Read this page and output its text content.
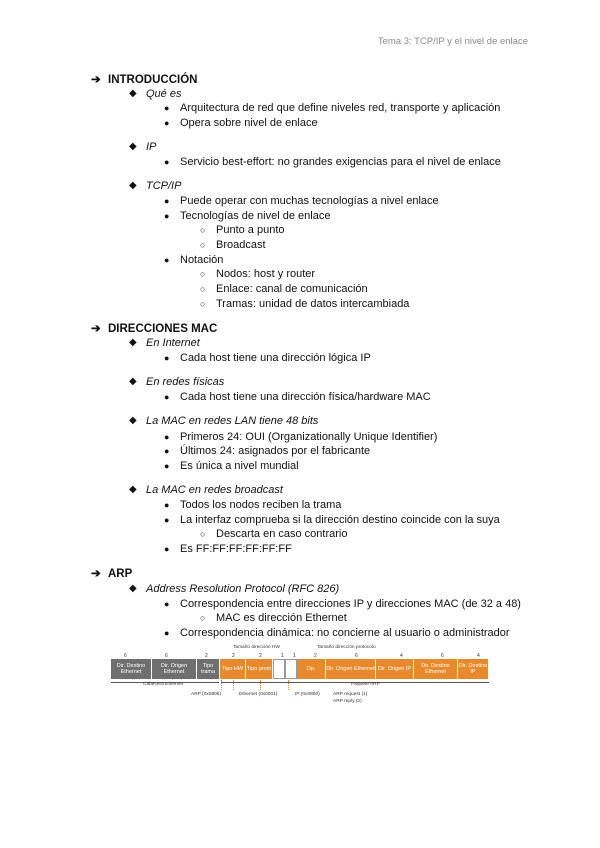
Tema 3: TCP/IP y el nivel de enlace
➔ INTRODUCCIÓN
◆ Qué es
● Arquitectura de red que define niveles red, transporte y aplicación
● Opera sobre nivel de enlace
◆ IP
● Servicio best-effort: no grandes exigencias para el nivel de enlace
◆ TCP/IP
● Puede operar con muchas tecnologías a nivel enlace
● Tecnologías de nivel de enlace
○ Punto a punto
○ Broadcast
● Notación
○ Nodos: host y router
○ Enlace: canal de comunicación
○ Tramas: unidad de datos intercambiada
➔ DIRECCIONES MAC
◆ En Internet
● Cada host tiene una dirección lógica IP
◆ En redes físicas
● Cada host tiene una dirección física/hardware MAC
◆ La MAC en redes LAN tiene 48 bits
● Primeros 24: OUI (Organizationally Unique Identifier)
● Últimos 24: asignados por el fabricante
● Es única a nivel mundial
◆ La MAC en redes broadcast
● Todos los nodos reciben la trama
● La interfaz comprueba si la dirección destino coincide con la suya
○ Descarta en caso contrario
● Es FF:FF:FF:FF:FF:FF
➔ ARP
◆ Address Resolution Protocol (RFC 826)
● Correspondencia entre direcciones IP y direcciones MAC (de 32 a 48)
○ MAC es dirección Ethernet
● Correspondencia dinámica: no concierne al usuario o administrador
Tamaño dirección HW	Tamaño dirección protocolo
6	6	2	2	2	1 1	2	6	4	6	4
Dir. Destino Ethernet
Dir. Origen Ethernet
Tipo trama	Tipo HW Tipo proto	Op.	Dir. Origen Ethernet Dir. Origen IP	Dir. Destino Ethernet
Dir. Destino IP
Cabecera Ethernet	Paquete ARP
ARP (0x0806)	Ethernet (0x0001)	IP (0x0800)	ARP request (1)
ARP reply (2)
